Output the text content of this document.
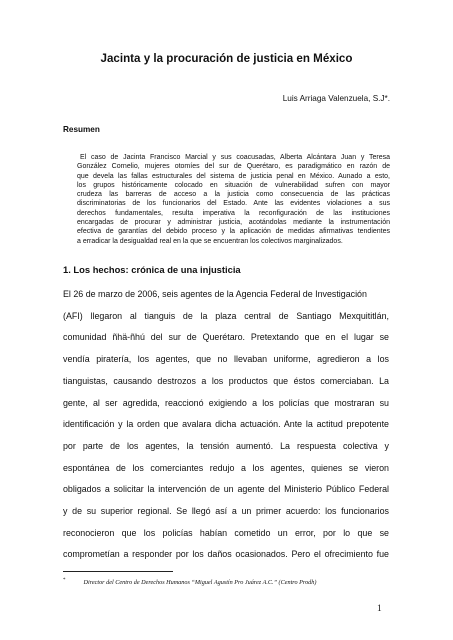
Jacinta y la procuración de justicia en México
Luis Arriaga Valenzuela, S.J*.
Resumen
El caso de Jacinta Francisco Marcial y sus coacusadas, Alberta Alcántara Juan y Teresa
González Cornelio, mujeres otomíes del sur de Querétaro, es paradigmático en razón de
que devela las fallas estructurales del sistema de justicia penal en México. Aunado a esto,
los grupos históricamente colocado en situación de vulnerabilidad sufren con mayor
crudeza las barreras de acceso a la justicia como consecuencia de las prácticas
discriminatorias de los funcionarios del Estado. Ante las evidentes violaciones a sus
derechos fundamentales, resulta imperativa la reconfiguración de las instituciones
encargadas de procurar y administrar justicia, acotándolas mediante la instrumentación
efectiva de garantías del debido proceso y la aplicación de medidas afirmativas tendientes
a erradicar la desigualdad real en la que se encuentran los colectivos marginalizados.
1. Los hechos: crónica de una injusticia
El 26 de marzo de 2006, seis agentes de la Agencia Federal de Investigación
(AFI) llegaron al tianguis de la plaza central de Santiago Mexquititlán,
comunidad ñhä-ñhú del sur de Querétaro. Pretextando que en el lugar se
vendía piratería, los agentes, que no llevaban uniforme, agredieron a los
tianguistas, causando destrozos a los productos que éstos comerciaban. La
gente, al ser agredida, reaccionó exigiendo a los policías que mostraran su
identificación y la orden que avalara dicha actuación. Ante la actitud prepotente
por parte de los agentes, la tensión aumentó. La respuesta colectiva y
espontánea de los comerciantes redujo a los agentes, quienes se vieron
obligados a solicitar la intervención de un agente del Ministerio Público Federal
y de su superior regional. Se llegó así a un primer acuerdo: los funcionarios
reconocieron que los policías habían cometido un error, por lo que se
comprometían a responder por los daños ocasionados. Pero el ofrecimiento fue
*	Director del Centro de Derechos Humanos “Miguel Agustín Pro Juárez A.C.” (Centro Prodh)
1
